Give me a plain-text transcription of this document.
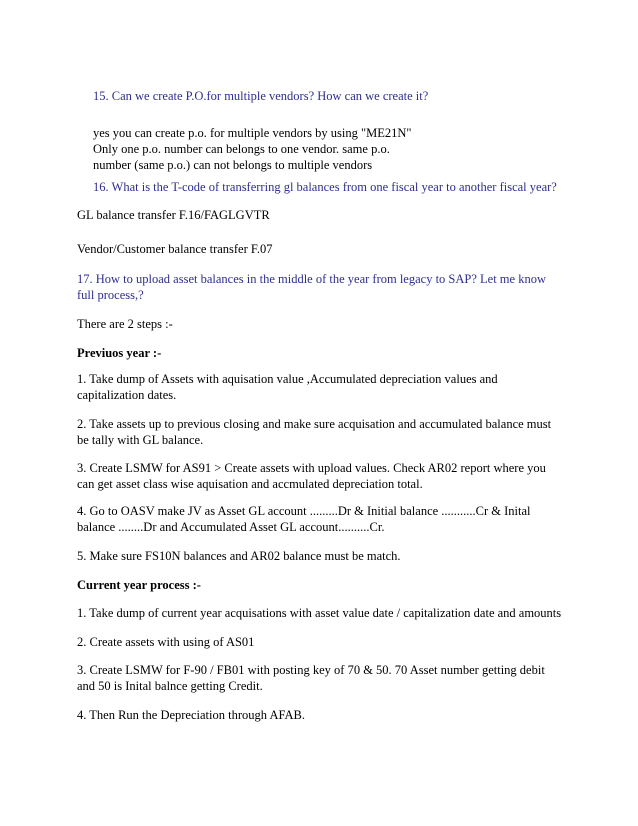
15. Can we create P.O.for multiple vendors? How can we create it?
yes you can create p.o. for multiple vendors by using "ME21N"
Only one p.o. number can belongs to one vendor. same p.o.
number (same p.o.) can not belongs to multiple vendors
16. What is the T-code of transferring gl balances from one fiscal year to another fiscal year?
GL balance transfer F.16/FAGLGVTR
Vendor/Customer balance transfer F.07
17. How to upload asset balances in the middle of the year from legacy to SAP? Let me know
full process,?
There are 2 steps :-
Previuos year :-
1. Take dump of Assets with aquisation value ,Accumulated depreciation values and
capitalization dates.
2. Take assets up to previous closing and make sure acquisation and accumulated balance must
be tally with GL balance.
3. Create LSMW for AS91 > Create assets with upload values. Check AR02 report where you
can get asset class wise aquisation and accmulated depreciation total.
4. Go to OASV make JV as Asset GL account .........Dr & Initial balance ...........Cr & Inital
balance ........Dr and Accumulated Asset GL account..........Cr.
5. Make sure FS10N balances and AR02 balance must be match.
Current year process :-
1. Take dump of current year acquisations with asset value date / capitalization date and amounts
2. Create assets with using of AS01
3. Create LSMW for F-90 / FB01 with posting key of 70 & 50. 70 Asset number getting debit
and 50 is Inital balnce getting Credit.
4. Then Run the Depreciation through AFAB.
